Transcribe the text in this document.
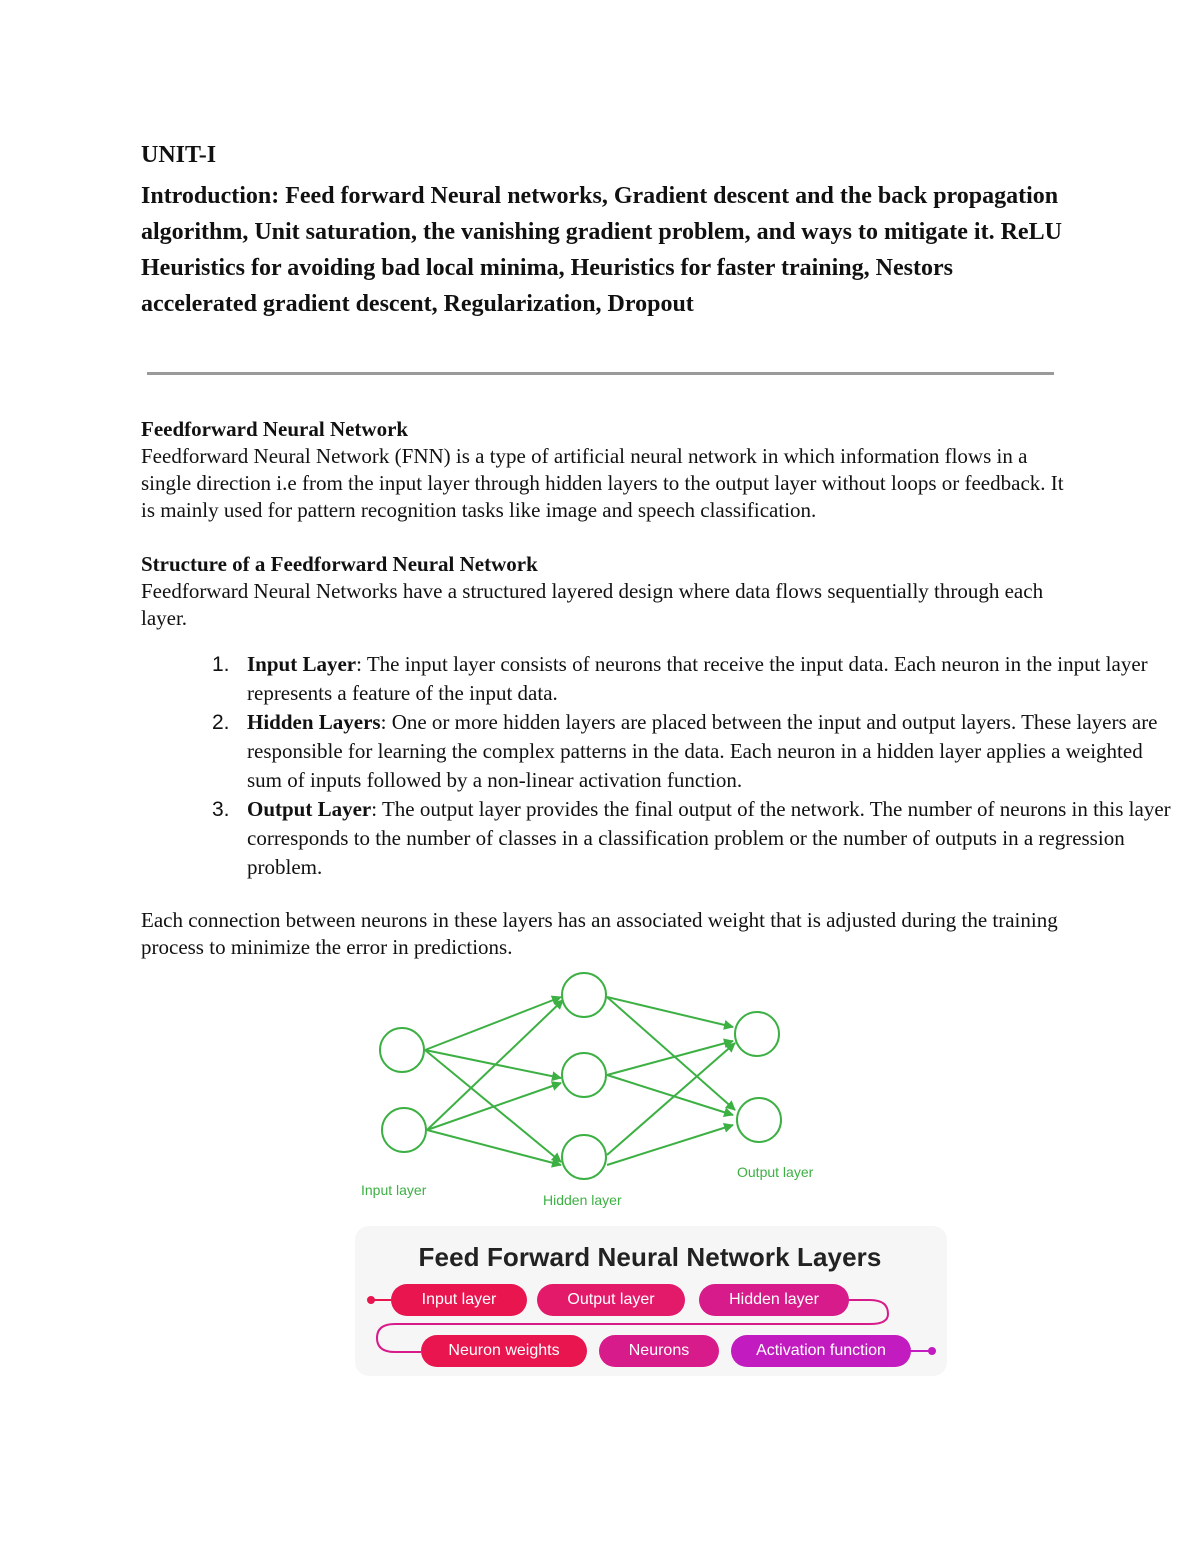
UNIT-I
Introduction: Feed forward Neural networks, Gradient descent and the back propagation algorithm, Unit saturation, the vanishing gradient problem, and ways to mitigate it. ReLU Heuristics for avoiding bad local minima, Heuristics for faster training, Nestors accelerated gradient descent, Regularization, Dropout
Feedforward Neural Network
Feedforward Neural Network (FNN) is a type of artificial neural network in which information flows in a single direction i.e from the input layer through hidden layers to the output layer without loops or feedback. It is mainly used for pattern recognition tasks like image and speech classification.
Structure of a Feedforward Neural Network
Feedforward Neural Networks have a structured layered design where data flows sequentially through each layer.
1. Input Layer: The input layer consists of neurons that receive the input data. Each neuron in the input layer represents a feature of the input data.
2. Hidden Layers: One or more hidden layers are placed between the input and output layers. These layers are responsible for learning the complex patterns in the data. Each neuron in a hidden layer applies a weighted sum of inputs followed by a non-linear activation function.
3. Output Layer: The output layer provides the final output of the network. The number of neurons in this layer corresponds to the number of classes in a classification problem or the number of outputs in a regression problem.
Each connection between neurons in these layers has an associated weight that is adjusted during the training process to minimize the error in predictions.
Input layer
Hidden layer
Output layer
Feed Forward Neural Network Layers
Input layer	Output layer	Hidden layer
Neuron weights	Neurons	Activation function
